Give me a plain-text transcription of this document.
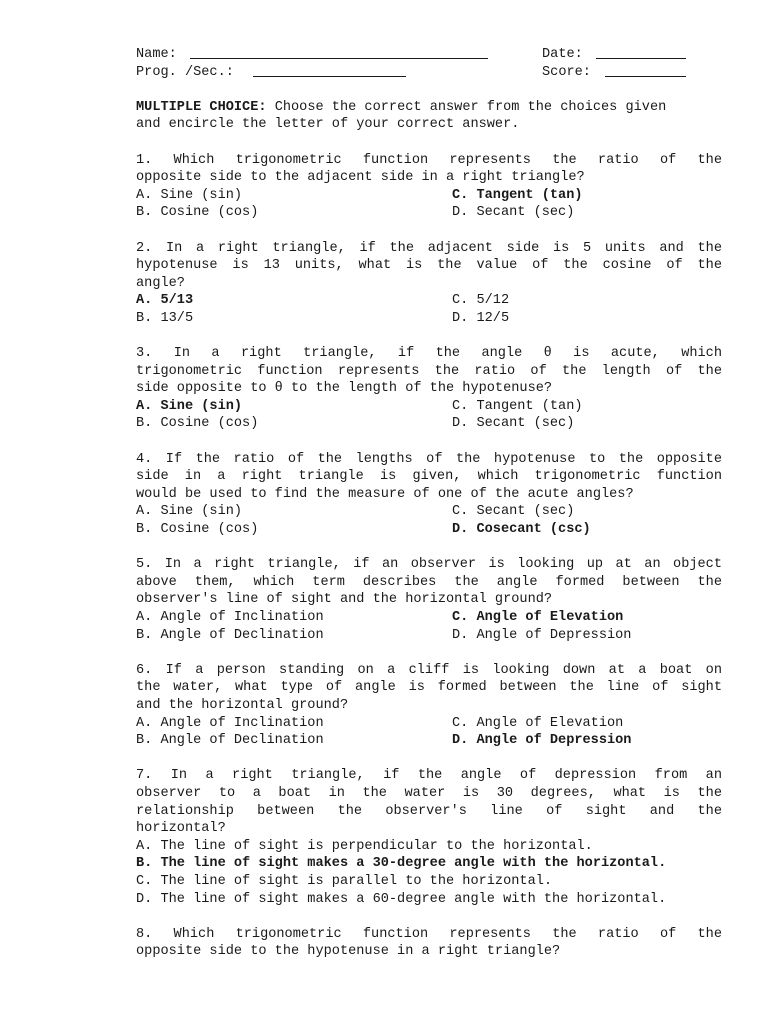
Name:	Date:
Prog. /Sec.:	Score:
MULTIPLE CHOICE: Choose the correct answer from the choices given
and encircle the letter of your correct answer.
1. Which trigonometric function represents the ratio of the
opposite side to the adjacent side in a right triangle?
A. Sine (sin)	C. Tangent (tan)
B. Cosine (cos)	D. Secant (sec)
2. In a right triangle, if the adjacent side is 5 units and the
hypotenuse is 13 units, what is the value of the cosine of the
angle?
A. 5/13	C. 5/12
B. 13/5	D. 12/5
3. In a right triangle, if the angle θ is acute, which
trigonometric function represents the ratio of the length of the
side opposite to θ to the length of the hypotenuse?
A. Sine (sin)	C. Tangent (tan)
B. Cosine (cos)	D. Secant (sec)
4. If the ratio of the lengths of the hypotenuse to the opposite
side in a right triangle is given, which trigonometric function
would be used to find the measure of one of the acute angles?
A. Sine (sin)	C. Secant (sec)
B. Cosine (cos)	D. Cosecant (csc)
5. In a right triangle, if an observer is looking up at an object
above them, which term describes the angle formed between the
observer's line of sight and the horizontal ground?
A. Angle of Inclination	C. Angle of Elevation
B. Angle of Declination	D. Angle of Depression
6. If a person standing on a cliff is looking down at a boat on
the water, what type of angle is formed between the line of sight
and the horizontal ground?
A. Angle of Inclination	C. Angle of Elevation
B. Angle of Declination	D. Angle of Depression
7. In a right triangle, if the angle of depression from an
observer to a boat in the water is 30 degrees, what is the
relationship between the observer's line of sight and the
horizontal?
A. The line of sight is perpendicular to the horizontal.
B. The line of sight makes a 30-degree angle with the horizontal.
C. The line of sight is parallel to the horizontal.
D. The line of sight makes a 60-degree angle with the horizontal.
8. Which trigonometric function represents the ratio of the
opposite side to the hypotenuse in a right triangle?
